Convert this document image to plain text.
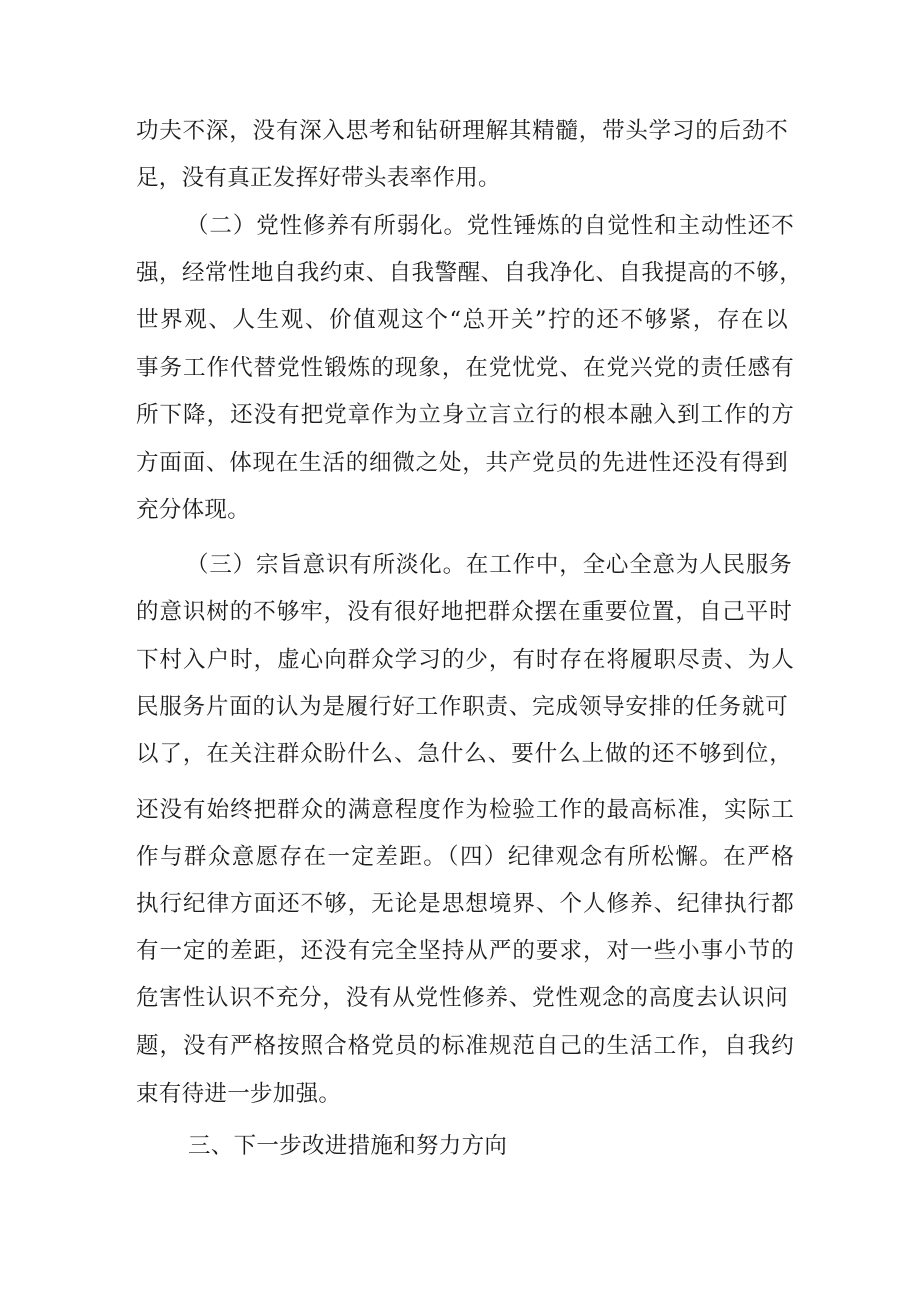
功夫不深，没有深入思考和钻研理解其精髓，带头学习的后劲不
足，没有真正发挥好带头表率作用。
（二）党性修养有所弱化。党性锤炼的自觉性和主动性还不
强，经常性地自我约束、自我警醒、自我净化、自我提高的不够，
世界观、人生观、价值观这个“总开关”拧的还不够紧，存在以
事务工作代替党性锻炼的现象，在党忧党、在党兴党的责任感有
所下降，还没有把党章作为立身立言立行的根本融入到工作的方
方面面、体现在生活的细微之处，共产党员的先进性还没有得到
充分体现。
（三）宗旨意识有所淡化。在工作中，全心全意为人民服务
的意识树的不够牢，没有很好地把群众摆在重要位置，自己平时
下村入户时，虚心向群众学习的少，有时存在将履职尽责、为人
民服务片面的认为是履行好工作职责、完成领导安排的任务就可
以了，在关注群众盼什么、急什么、要什么上做的还不够到位，
还没有始终把群众的满意程度作为检验工作的最高标准，实际工
作与群众意愿存在一定差距。（四）纪律观念有所松懈。在严格
执行纪律方面还不够，无论是思想境界、个人修养、纪律执行都
有一定的差距，还没有完全坚持从严的要求，对一些小事小节的
危害性认识不充分，没有从党性修养、党性观念的高度去认识问
题，没有严格按照合格党员的标准规范自己的生活工作，自我约
束有待进一步加强。
三、下一步改进措施和努力方向
